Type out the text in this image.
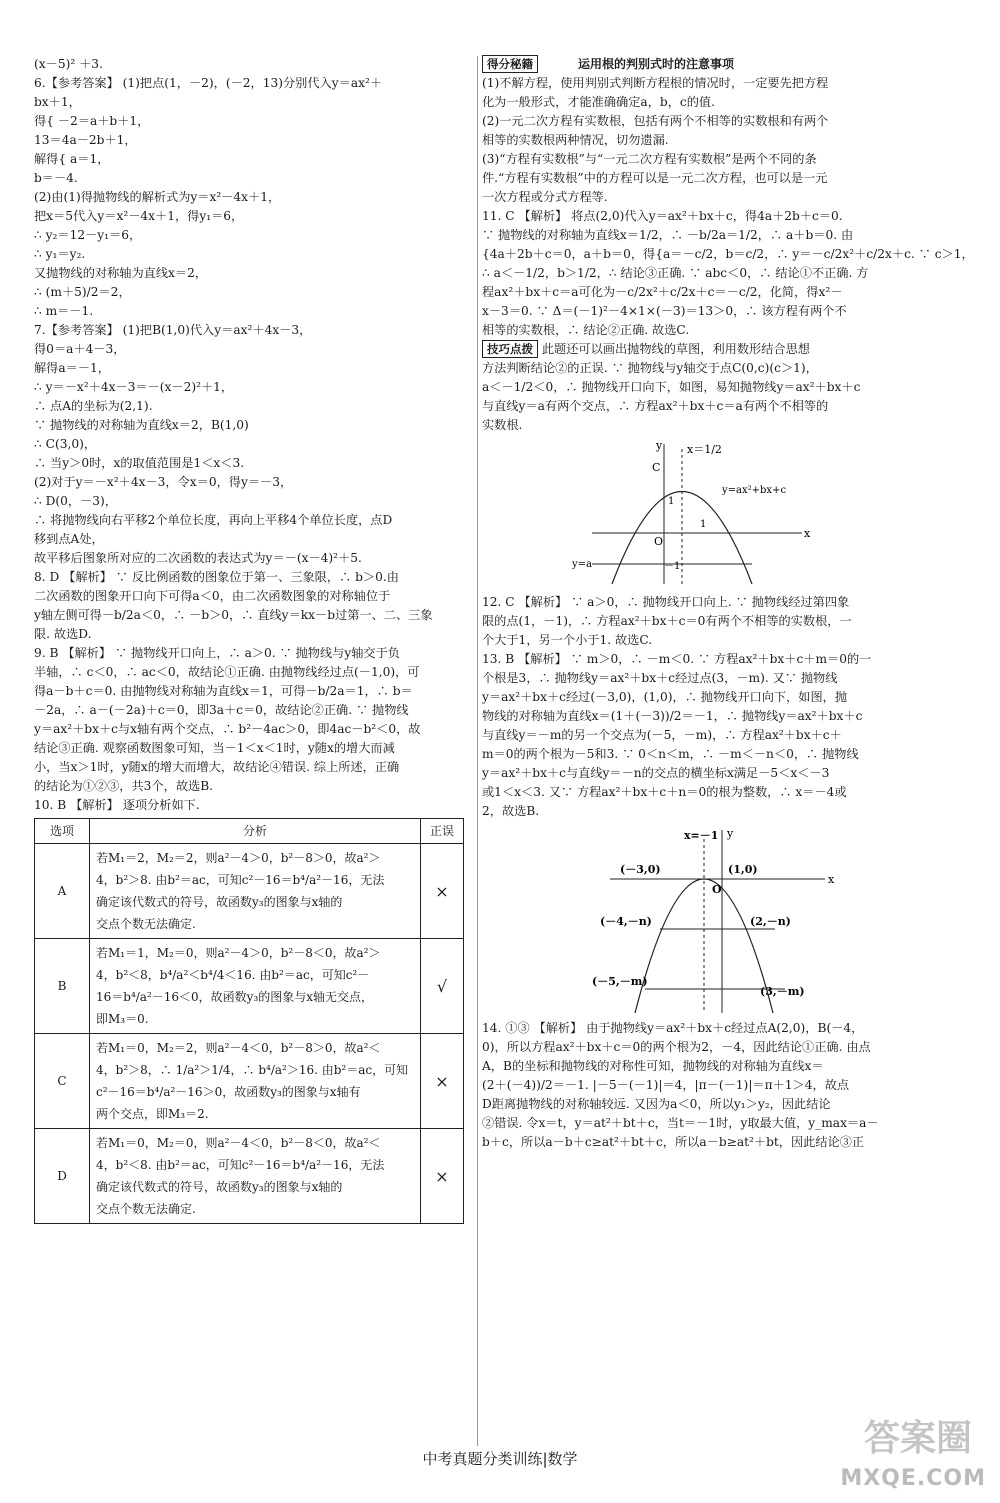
(x－5)² ＋3.

6.【参考答案】 (1)把点(1，－2)，(－2，13)分别代入y＝ax²＋

bx＋1，

得{ －2＝a＋b＋1，

13＝4a－2b＋1，

解得{ a＝1，

b＝－4.

(2)由(1)得抛物线的解析式为y＝x²－4x＋1，

把x＝5代入y＝x²－4x＋1，得y₁＝6，

∴ y₂＝12－y₁＝6，

∴ y₁＝y₂.

又抛物线的对称轴为直线x＝2，

∴ (m＋5)/2＝2，

∴ m＝－1.

7.【参考答案】 (1)把B(1,0)代入y＝ax²＋4x－3，

得0＝a＋4－3，

解得a＝－1，

∴ y＝－x²＋4x－3＝－(x－2)²＋1，

∴ 点A的坐标为(2,1).

∵ 抛物线的对称轴为直线x＝2，B(1,0)

∴ C(3,0)，

∴ 当y＞0时，x的取值范围是1＜x＜3.

(2)对于y＝－x²＋4x－3，令x＝0，得y＝－3，

∴ D(0，－3)，

∴ 将抛物线向右平移2个单位长度，再向上平移4个单位长度，点D

移到点A处，

故平移后图象所对应的二次函数的表达式为y＝－(x－4)²＋5.

8. D 【解析】 ∵ 反比例函数的图象位于第一、三象限，∴ b＞0.由

二次函数的图象开口向下可得a＜0，由二次函数图象的对称轴位于

y轴左侧可得－b/2a＜0，∴ －b＞0，∴ 直线y＝kx－b过第一、二、三象

限. 故选D.

9. B 【解析】 ∵ 抛物线开口向上，∴ a＞0. ∵ 抛物线与y轴交于负

半轴，∴ c＜0，∴ ac＜0，故结论①正确. 由抛物线经过点(－1,0)，可

得a－b＋c＝0. 由抛物线对称轴为直线x＝1，可得－b/2a＝1，∴ b＝

－2a，∴ a－(－2a)＋c＝0，即3a＋c＝0，故结论②正确. ∵ 抛物线

y＝ax²＋bx＋c与x轴有两个交点，∴ b²－4ac＞0，即4ac－b²＜0，故

结论③正确. 观察函数图象可知，当－1＜x＜1时，y随x的增大而减

小，当x＞1时，y随x的增大而增大，故结论④错误. 综上所述，正确

的结论为①②③，共3个，故选B.

10. B 【解析】 逐项分析如下.

选项	分析	正误
A	若M₁＝2，M₂＝2，则a²－4＞0，b²－8＞0，故a²＞
4，b²＞8. 由b²＝ac，可知c²－16＝b⁴/a²－16，无法
确定该代数式的符号，故函数y₃的图象与x轴的
交点个数无法确定.	×
B	若M₁＝1，M₂＝0，则a²－4＞0，b²－8＜0，故a²＞
4，b²＜8，b⁴/a²＜b⁴/4＜16. 由b²＝ac，可知c²－
16＝b⁴/a²－16＜0，故函数y₃的图象与x轴无交点，
即M₃＝0.	√
C	若M₁＝0，M₂＝2，则a²－4＜0，b²－8＞0，故a²＜
4，b²＞8，∴ 1/a²＞1/4，∴ b⁴/a²＞16. 由b²＝ac，可知
c²－16＝b⁴/a²－16＞0，故函数y₃的图象与x轴有
两个交点，即M₃＝2.	×
D	若M₁＝0，M₂＝0，则a²－4＜0，b²－8＜0，故a²＜
4，b²＜8. 由b²＝ac，可知c²－16＝b⁴/a²－16，无法
确定该代数式的符号，故函数y₃的图象与x轴的
交点个数无法确定.	×

得分秘籍	运用根的判别式时的注意事项

(1)不解方程，使用判别式判断方程根的情况时，一定要先把方程

化为一般形式，才能准确确定a，b，c的值.

(2)一元二次方程有实数根，包括有两个不相等的实数根和有两个

相等的实数根两种情况，切勿遗漏.

(3)“方程有实数根”与“一元二次方程有实数根”是两个不同的条

件.“方程有实数根”中的方程可以是一元二次方程，也可以是一元

一次方程或分式方程等.

11. C 【解析】 将点(2,0)代入y＝ax²＋bx＋c，得4a＋2b＋c＝0.

∵ 抛物线的对称轴为直线x＝1/2，∴ －b/2a＝1/2，∴ a＋b＝0. 由

{4a＋2b＋c＝0，a＋b＝0，得{a＝－c/2，b＝c/2，∴ y＝－c/2x²＋c/2x＋c. ∵ c＞1，

∴ a＜－1/2，b＞1/2，∴ 结论③正确. ∵ abc＜0，∴ 结论①不正确. 方

程ax²＋bx＋c＝a可化为－c/2x²＋c/2x＋c＝－c/2，化简，得x²－

x－3＝0. ∵ Δ＝(－1)²－4×1×(－3)＝13＞0，∴ 该方程有两个不

相等的实数根，∴ 结论②正确. 故选C.

技巧点拨 此题还可以画出抛物线的草图，利用数形结合思想

方法判断结论②的正误. ∵ 抛物线与y轴交于点C(0,c)(c＞1)，

a＜－1/2＜0，∴ 抛物线开口向下，如图，易知抛物线y＝ax²＋bx＋c

与直线y＝a有两个交点，∴ 方程ax²＋bx＋c＝a有两个不相等的

实数根.

x＝1/2
y=ax²+bx+c
C
1
1
O
－1
x
y
y=a

12. C 【解析】 ∵ a＞0，∴ 抛物线开口向上. ∵ 抛物线经过第四象

限的点(1，－1)，∴ 方程ax²＋bx＋c＝0有两个不相等的实数根，一

个大于1，另一个小于1. 故选C.

13. B 【解析】 ∵ m＞0，∴ －m＜0. ∵ 方程ax²＋bx＋c＋m＝0的一

个根是3，∴ 抛物线y＝ax²＋bx＋c经过点(3，－m). 又∵ 抛物线

y＝ax²＋bx＋c经过(－3,0)，(1,0)，∴ 抛物线开口向下，如图，抛

物线的对称轴为直线x＝(1＋(－3))/2＝－1，∴ 抛物线y＝ax²＋bx＋c

与直线y＝－m的另一个交点为(－5，－m)，∴ 方程ax²＋bx＋c＋

m＝0的两个根为－5和3. ∵ 0＜n＜m，∴ －m＜－n＜0，∴ 抛物线

y＝ax²＋bx＋c与直线y＝－n的交点的横坐标x满足－5＜x＜－3

或1＜x＜3. 又∵ 方程ax²＋bx＋c＋n＝0的根为整数，∴ x＝－4或

2，故选B.

x=－1
(－3,0)	(1,0)
(－4,－n)	(2,－n)
(－5,－m)
(3,－m)
O
x
y

14. ①③ 【解析】 由于抛物线y＝ax²＋bx＋c经过点A(2,0)，B(－4，

0)，所以方程ax²＋bx＋c＝0的两个根为2，－4，因此结论①正确. 由点

A，B的坐标和抛物线的对称性可知，抛物线的对称轴为直线x＝

(2＋(－4))/2＝－1. |－5－(－1)|＝4，|π－(－1)|＝π＋1＞4，故点

D距离抛物线的对称轴较远. 又因为a＜0，所以y₁＞y₂，因此结论

②错误. 令x＝t，y＝at²＋bt＋c，当t＝－1时，y取最大值，y_max＝a－

b＋c，所以a－b＋c≥at²＋bt＋c，所以a－b≥at²＋bt，因此结论③正

中考真题分类训练|数学	答案圈
MXQE.COM
